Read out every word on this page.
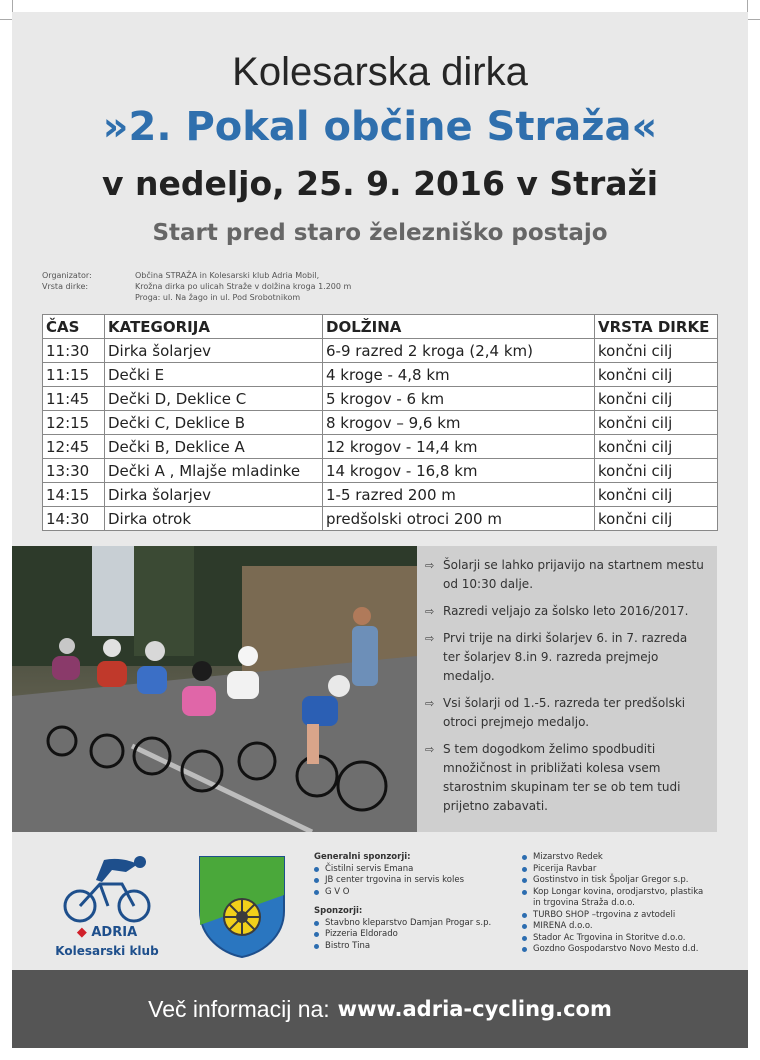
Kolesarska dirka
»2. Pokal občine Straža«
v nedeljo, 25. 9. 2016 v Straži
Start pred staro železniško postajo
Organizator:	Občina STRAŽA in Kolesarski klub Adria Mobil,
Vrsta dirke:	Krožna dirka po ulicah Straže v dolžina kroga 1.200 m
Proga: ul. Na žago in ul. Pod Srobotnikom
ČAS	KATEGORIJA	DOLŽINA	VRSTA DIRKE
11:30	Dirka šolarjev	6-9 razred 2 kroga (2,4 km)	končni cilj
11:15	Dečki E	4 kroge - 4,8 km	končni cilj
11:45	Dečki D, Deklice C	5 krogov - 6 km	končni cilj
12:15	Dečki C, Deklice B	8 krogov – 9,6 km	končni cilj
12:45	Dečki B, Deklice A	12 krogov - 14,4 km	končni cilj
13:30	Dečki A , Mlajše mladinke	14 krogov - 16,8 km	končni cilj
14:15	Dirka šolarjev	1-5 razred 200 m	končni cilj
14:30	Dirka otrok	predšolski otroci 200 m	končni cilj
⇨ Šolarji se lahko prijavijo na startnem mestu od 10:30 dalje.
⇨ Razredi veljajo za šolsko leto 2016/2017.
⇨ Prvi trije na dirki šolarjev 6. in 7. razreda ter šolarjev 8.in 9. razreda prejmejo medaljo.
⇨ Vsi šolarji od 1.-5. razreda ter predšolski otroci prejmejo medaljo.
⇨ S tem dogodkom želimo spodbuditi množičnost in približati kolesa vsem starostnim skupinam ter se ob tem tudi prijetno zabavati.
◆ ADRIA
Kolesarski klub
Generalni sponzorji:
Čistilni servis Emana
JB center trgovina in servis koles
G V O
Sponzorji:
Stavbno kleparstvo Damjan Progar s.p.
Pizzeria Eldorado
Bistro Tina
Mizarstvo Redek
Picerija Ravbar
Gostinstvo in tisk Špoljar Gregor s.p.
Kop Longar kovina, orodjarstvo, plastika
in trgovina Straža d.o.o.
TURBO SHOP –trgovina z avtodeli
MIRENA d.o.o.
Stador Ac Trgovina in Storitve d.o.o.
Gozdno Gospodarstvo Novo Mesto d.d.
Več informacij na: www.adria-cycling.com
